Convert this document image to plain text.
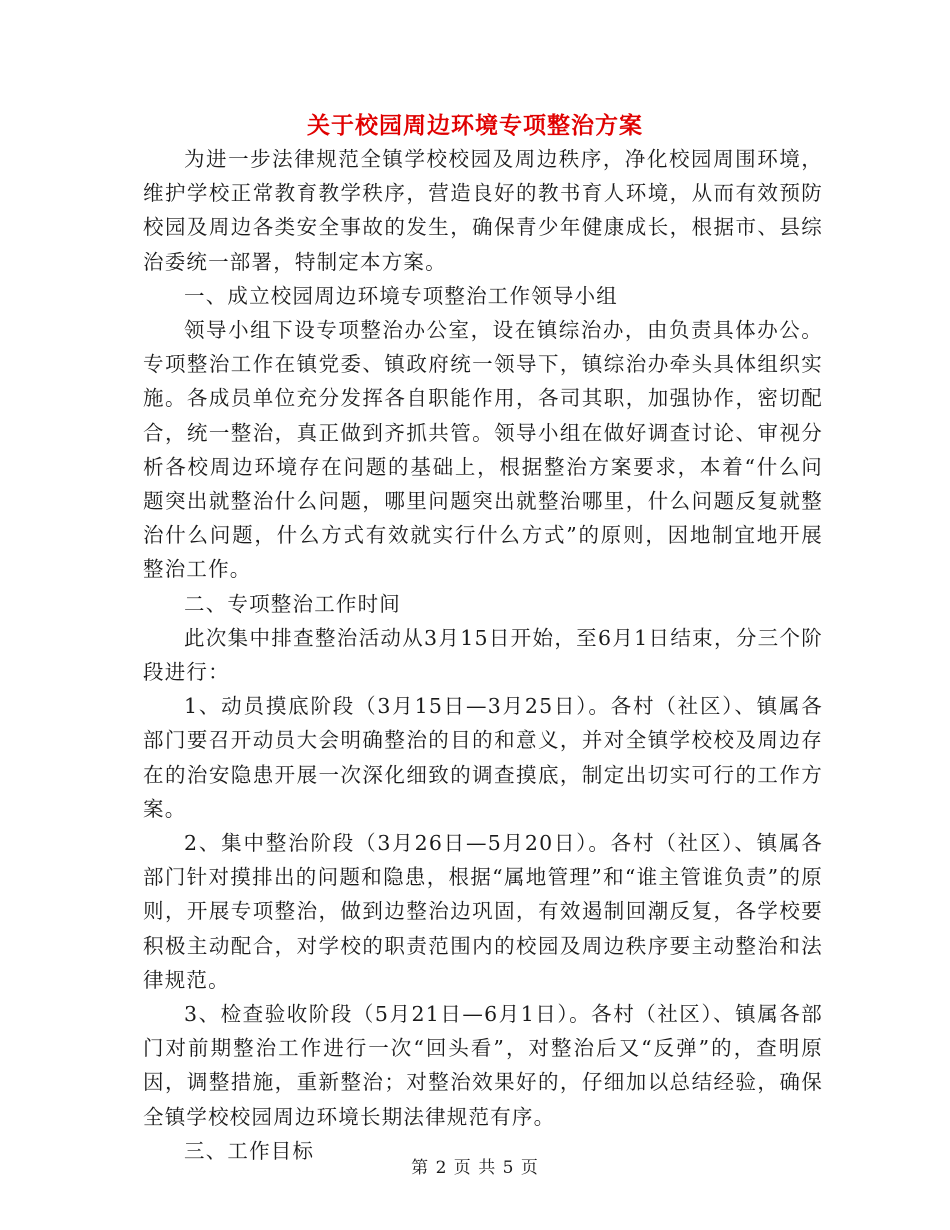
关于校园周边环境专项整治方案

为进一步法律规范全镇学校校园及周边秩序，净化校园周围环境，维护学校正常教育教学秩序，营造良好的教书育人环境，从而有效预防校园及周边各类安全事故的发生，确保青少年健康成长，根据市、县综治委统一部署，特制定本方案。

一、成立校园周边环境专项整治工作领导小组

领导小组下设专项整治办公室，设在镇综治办，由负责具体办公。专项整治工作在镇党委、镇政府统一领导下，镇综治办牵头具体组织实施。各成员单位充分发挥各自职能作用，各司其职，加强协作，密切配合，统一整治，真正做到齐抓共管。领导小组在做好调查讨论、审视分析各校周边环境存在问题的基础上，根据整治方案要求，本着“什么问题突出就整治什么问题，哪里问题突出就整治哪里，什么问题反复就整治什么问题，什么方式有效就实行什么方式”的原则，因地制宜地开展整治工作。

二、专项整治工作时间

此次集中排查整治活动从3月15日开始，至6月1日结束，分三个阶段进行：

1、动员摸底阶段（3月15日—3月25日）。各村（社区）、镇属各部门要召开动员大会明确整治的目的和意义，并对全镇学校校及周边存在的治安隐患开展一次深化细致的调查摸底，制定出切实可行的工作方案。

2、集中整治阶段（3月26日—5月20日）。各村（社区）、镇属各部门针对摸排出的问题和隐患，根据“属地管理”和“谁主管谁负责”的原则，开展专项整治，做到边整治边巩固，有效遏制回潮反复，各学校要积极主动配合，对学校的职责范围内的校园及周边秩序要主动整治和法律规范。

3、检查验收阶段（5月21日—6月1日）。各村（社区）、镇属各部门对前期整治工作进行一次“回头看”，对整治后又“反弹”的，查明原因，调整措施，重新整治；对整治效果好的，仔细加以总结经验，确保全镇学校校园周边环境长期法律规范有序。

三、工作目标

第 2 页 共 5 页
